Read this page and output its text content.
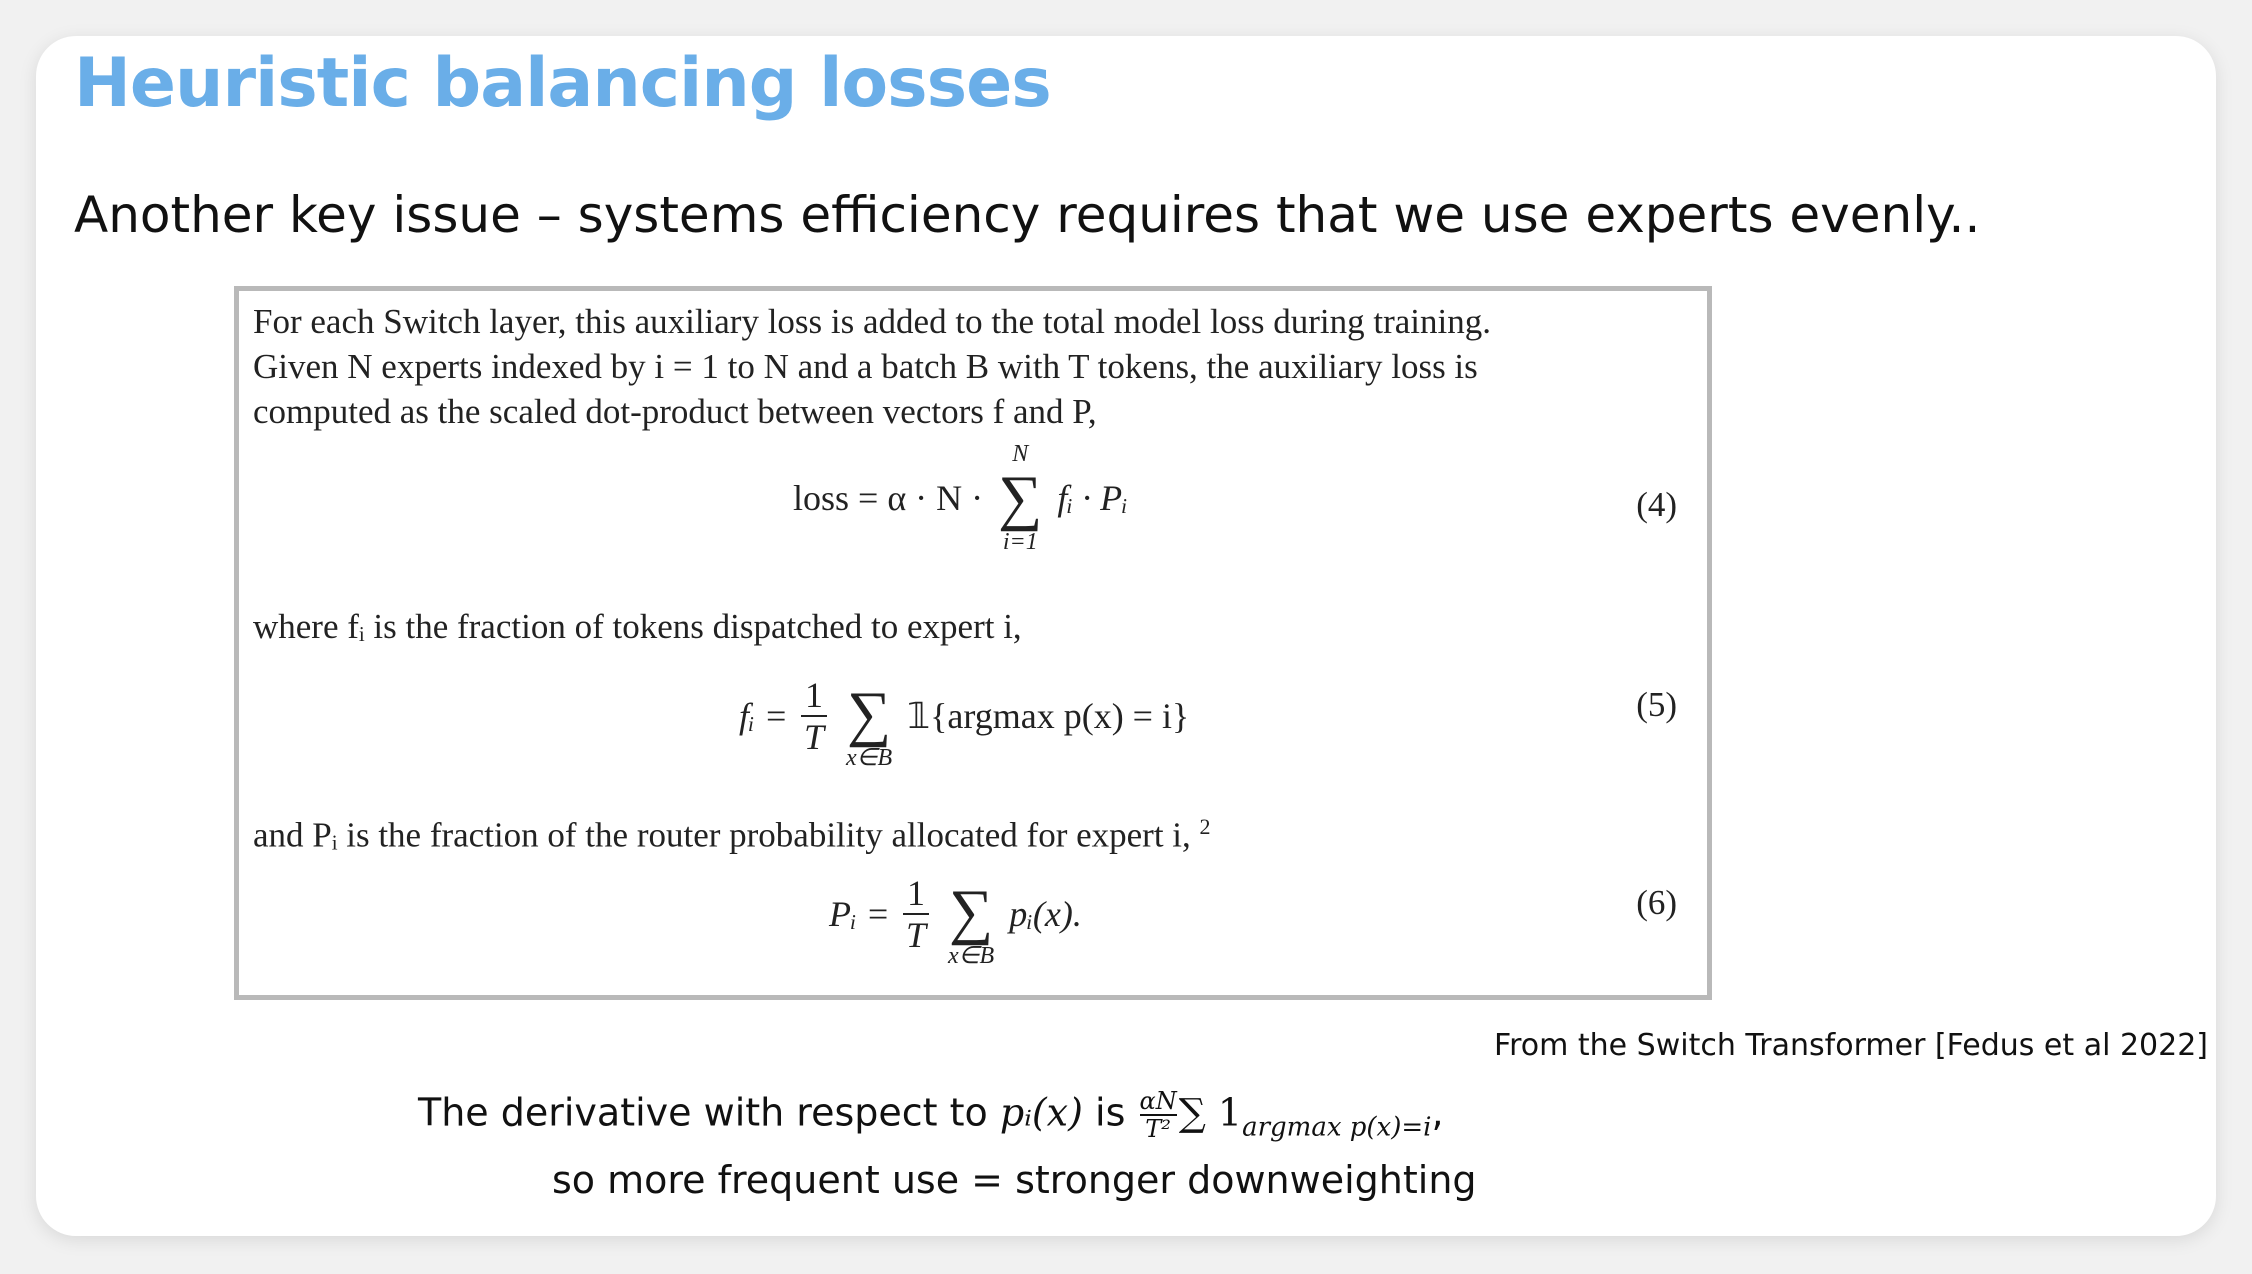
Heuristic balancing losses
Another key issue – systems efficiency requires that we use experts evenly..
For each Switch layer, this auxiliary loss is added to the total model loss during training.
Given N experts indexed by i = 1 to N and a batch B with T tokens, the auxiliary loss is
computed as the scaled dot-product between vectors f and P,
loss = α · N ·
N
∑
i=1
fᵢ · Pᵢ	(4)
where fᵢ is the fraction of tokens dispatched to expert i,
fᵢ = $\frac{1}{T}$
∑
x∈B
𝟙{argmax p(x) = i}	(5)
and Pᵢ is the fraction of the router probability allocated for expert i, $^2$
Pᵢ = $\frac{1}{T}$
∑
x∈B
pᵢ(x).	(6)
From the Switch Transformer [Fedus et al 2022]
The derivative with respect to pᵢ(x) is $\frac{\alpha N}{\text{T²}}$ ∑ $1_{argmax p(x)=i}$,
so more frequent use = stronger downweighting
